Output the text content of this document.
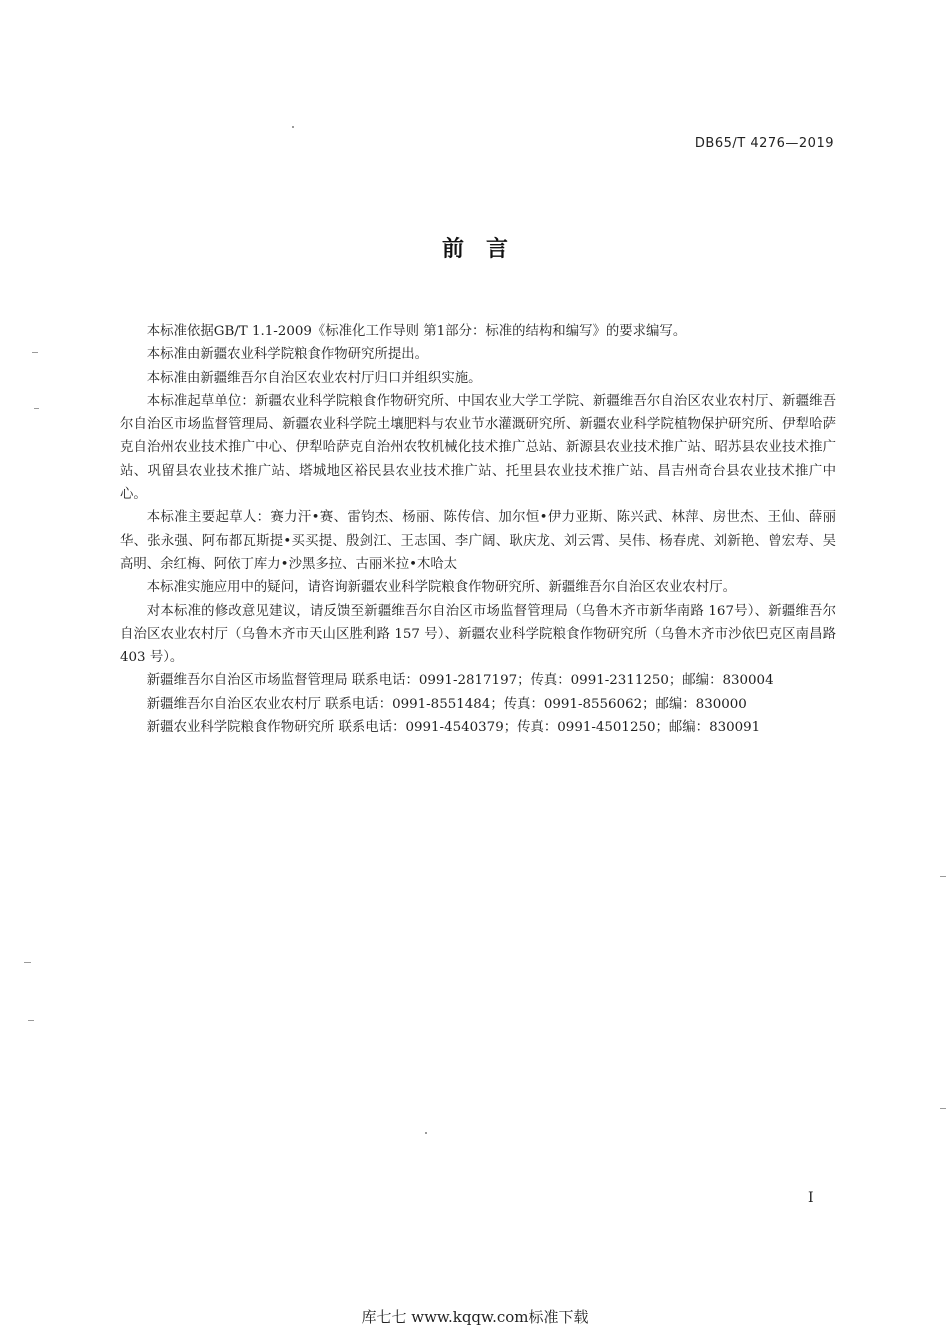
DB65/T 4276—2019
前言

本标准依据GB/T 1.1-2009《标准化工作导则 第1部分：标准的结构和编写》的要求编写。

本标准由新疆农业科学院粮食作物研究所提出。

本标准由新疆维吾尔自治区农业农村厅归口并组织实施。

本标准起草单位：新疆农业科学院粮食作物研究所、中国农业大学工学院、新疆维吾尔自治区农业农村厅、新疆维吾尔自治区市场监督管理局、新疆农业科学院土壤肥料与农业节水灌溉研究所、新疆农业科学院植物保护研究所、伊犁哈萨克自治州农业技术推广中心、伊犁哈萨克自治州农牧机械化技术推广总站、新源县农业技术推广站、昭苏县农业技术推广站、巩留县农业技术推广站、塔城地区裕民县农业技术推广站、托里县农业技术推广站、昌吉州奇台县农业技术推广中心。

本标准主要起草人：赛力汗•赛、雷钧杰、杨丽、陈传信、加尔恒•伊力亚斯、陈兴武、林萍、房世杰、王仙、薛丽华、张永强、阿布都瓦斯提•买买提、殷剑江、王志国、李广阔、耿庆龙、刘云霄、吴伟、杨春虎、刘新艳、曾宏寿、吴高明、余红梅、阿依丁库力•沙黑多拉、古丽米拉•木哈太

本标准实施应用中的疑问，请咨询新疆农业科学院粮食作物研究所、新疆维吾尔自治区农业农村厅。

对本标准的修改意见建议，请反馈至新疆维吾尔自治区市场监督管理局（乌鲁木齐市新华南路 167号）、新疆维吾尔自治区农业农村厅（乌鲁木齐市天山区胜利路 157 号）、新疆农业科学院粮食作物研究所（乌鲁木齐市沙依巴克区南昌路 403 号）。

新疆维吾尔自治区市场监督管理局 联系电话：0991-2817197；传真：0991-2311250；邮编：830004

新疆维吾尔自治区农业农村厅 联系电话：0991-8551484；传真：0991-8556062；邮编：830000

新疆农业科学院粮食作物研究所 联系电话：0991-4540379；传真：0991-4501250；邮编：830091

I
库七七 www.kqqw.com标准下载
